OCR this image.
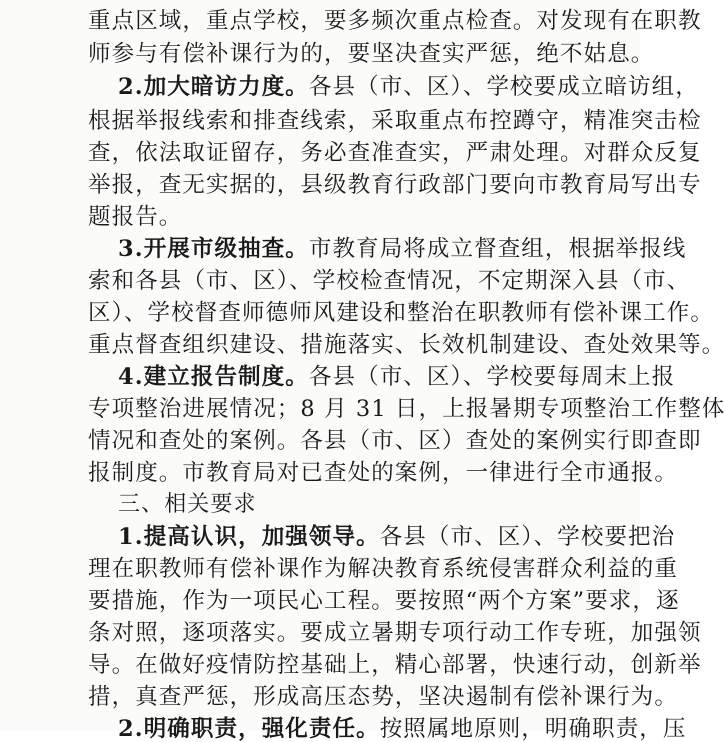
重点区域，重点学校，要多频次重点检查。对发现有在职教
师参与有偿补课行为的，要坚决查实严惩，绝不姑息。
2.加大暗访力度。各县（市、区）、学校要成立暗访组，
根据举报线索和排查线索，采取重点布控蹲守，精准突击检
查，依法取证留存，务必查准查实，严肃处理。对群众反复
举报，查无实据的，县级教育行政部门要向市教育局写出专
题报告。
3.开展市级抽查。市教育局将成立督查组，根据举报线
索和各县（市、区）、学校检查情况，不定期深入县（市、
区）、学校督查师德师风建设和整治在职教师有偿补课工作。
重点督查组织建设、措施落实、长效机制建设、查处效果等。
4.建立报告制度。各县（市、区）、学校要每周末上报
专项整治进展情况；8 月 31 日，上报暑期专项整治工作整体
情况和查处的案例。各县（市、区）查处的案例实行即查即
报制度。市教育局对已查处的案例，一律进行全市通报。
三、相关要求
1.提高认识，加强领导。各县（市、区）、学校要把治
理在职教师有偿补课作为解决教育系统侵害群众利益的重
要措施，作为一项民心工程。要按照“两个方案”要求，逐
条对照，逐项落实。要成立暑期专项行动工作专班，加强领
导。在做好疫情防控基础上，精心部署，快速行动，创新举
措，真查严惩，形成高压态势，坚决遏制有偿补课行为。
2.明确职责，强化责任。按照属地原则，明确职责，压
